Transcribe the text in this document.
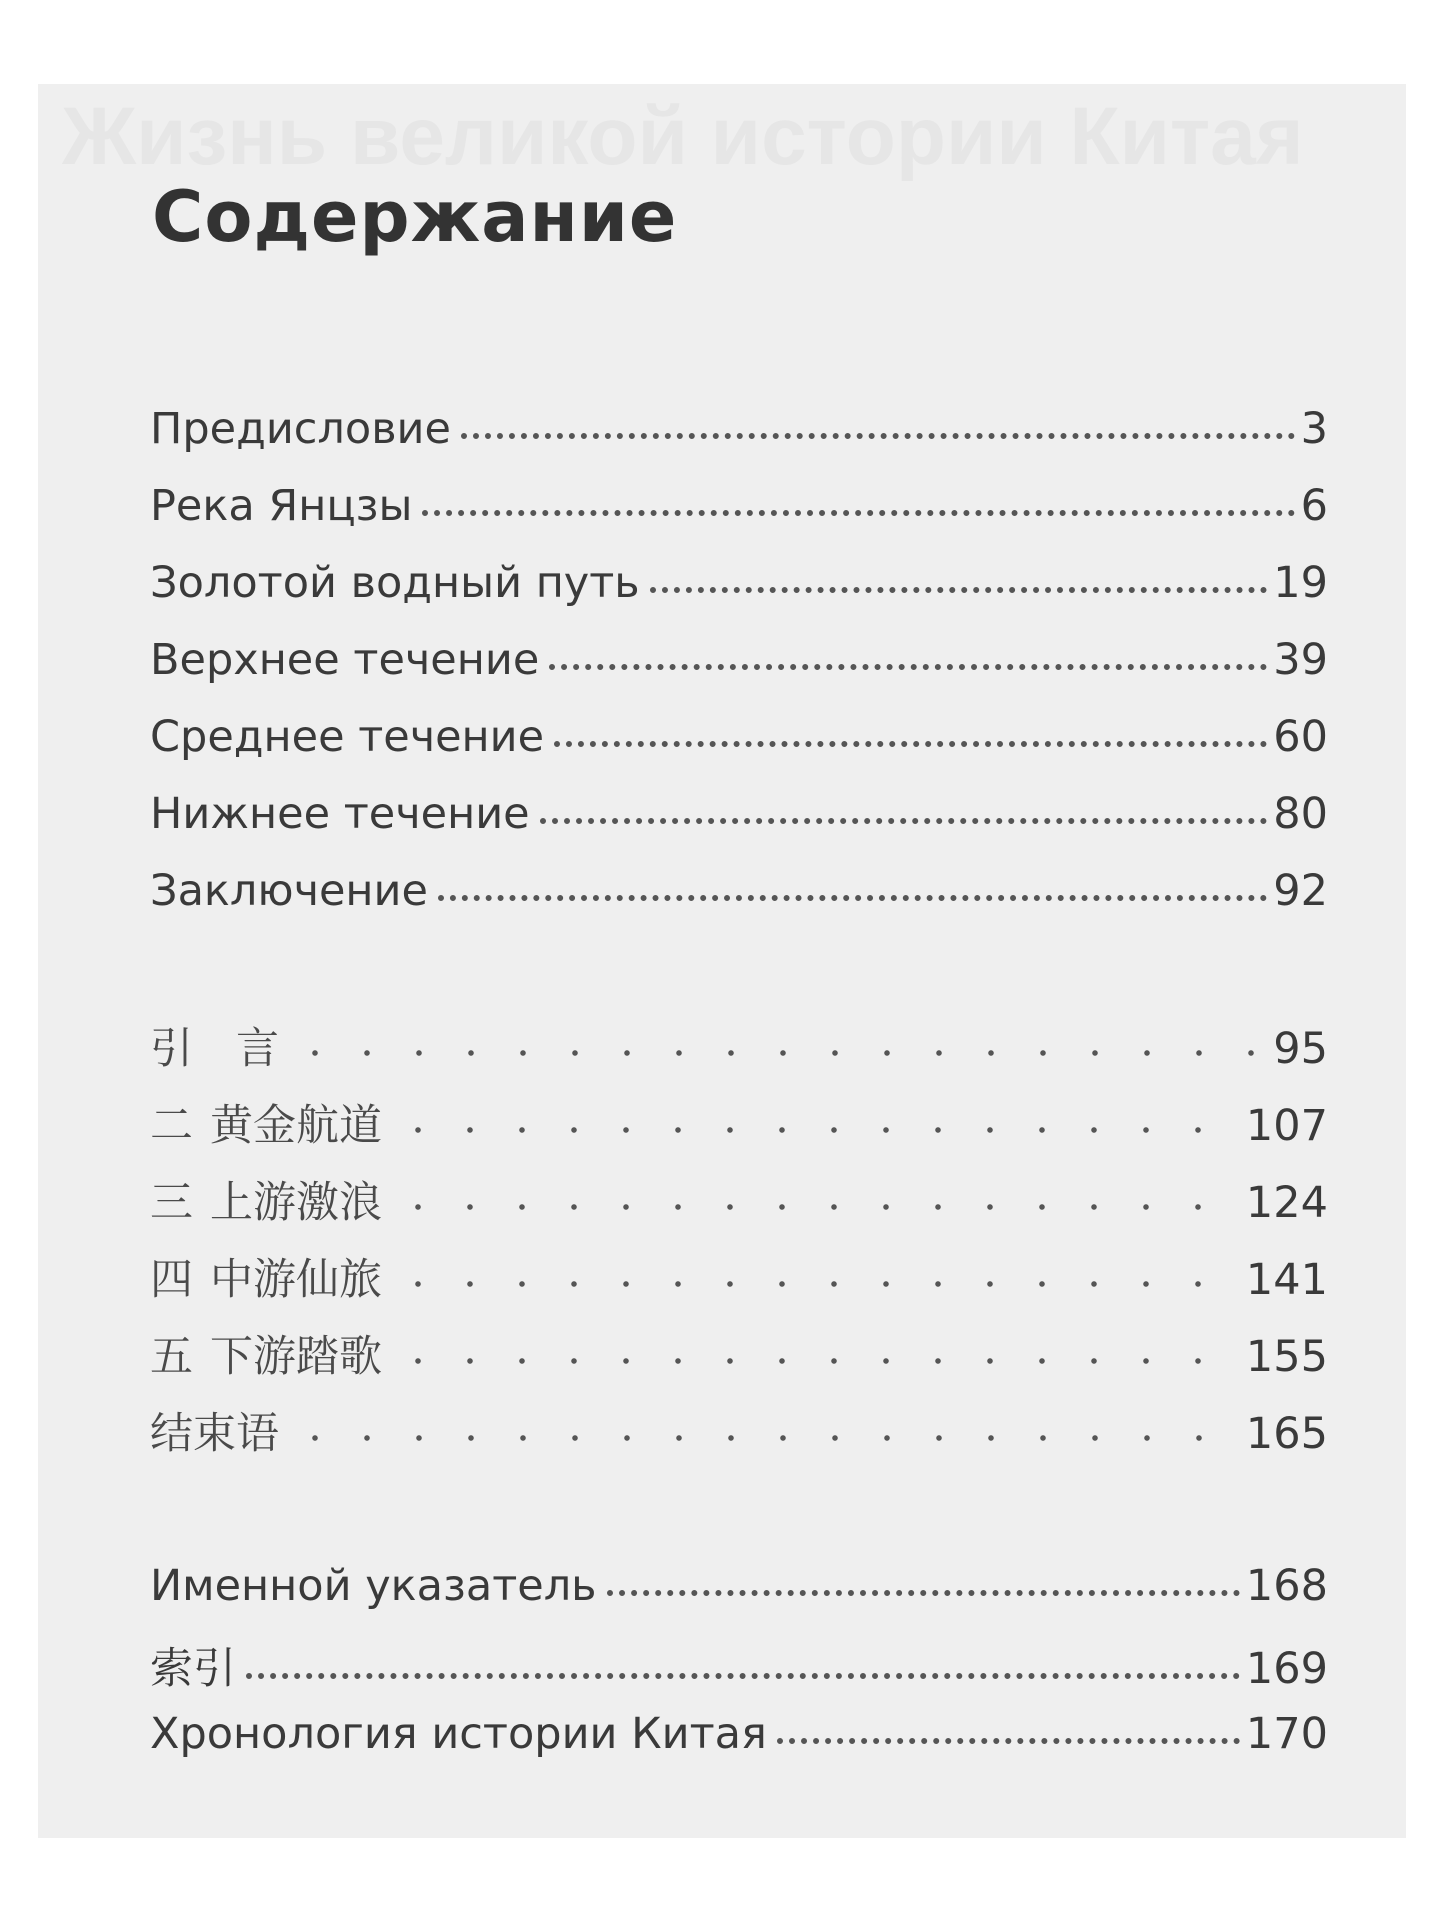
Жизнь великой истории Китая
Содержание
Предисловие	3
Река Янцзы	6
Золотой водный путь	19
Верхнее течение	39
Среднее течение	60
Нижнее течение	80
Заключение	92
引　言	95
二 黄金航道	107
三 上游激浪	124
四 中游仙旅	141
五 下游踏歌	155
结束语	165
Именной указатель	168
索引	169
Хронология истории Китая	170
